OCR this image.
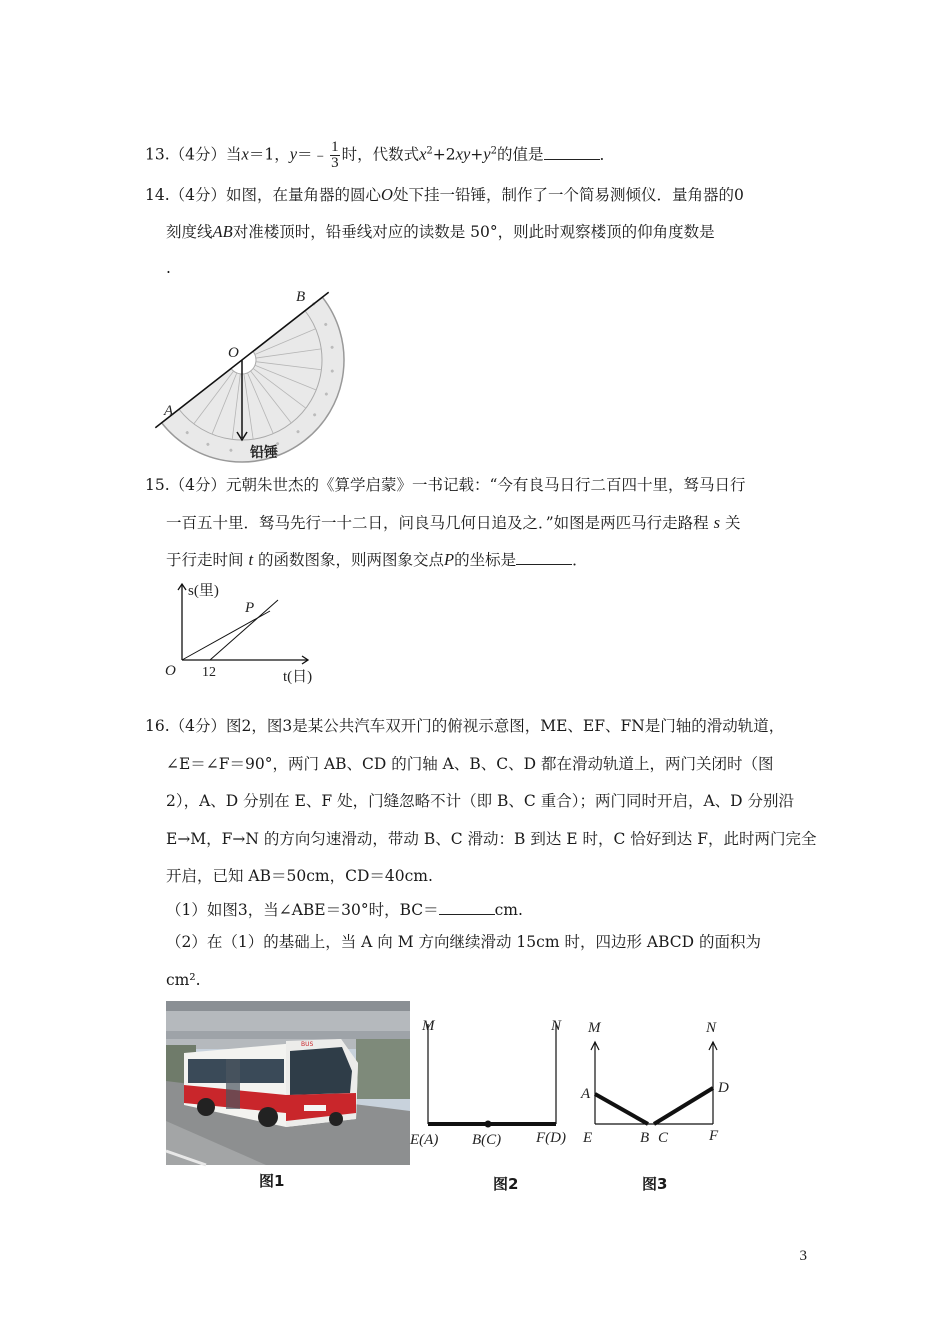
13.（4分）当x＝1，y＝﹣ $\frac{1}{3}$ 时，代数式$x^2+2xy+y^2$的值是	．
14.（4分）如图，在量角器的圆心O处下挂一铅锤，制作了一个简易测倾仪．量角器的0
刻度线AB对准楼顶时，铅垂线对应的读数是 50°，则此时观察楼顶的仰角度数是
.
B
O
A
铅锤
15.（4分）元朝朱世杰的《算学启蒙》一书记载：“今有良马日行二百四十里，驽马日行
一百五十里．驽马先行一十二日，问良马几何日追及之．”如图是两匹马行走路程 s 关
于行走时间 t 的函数图象，则两图象交点P的坐标是	．
s(里)
P
O 12	t(日)
16.（4分）图2，图3是某公共汽车双开门的俯视示意图，ME、EF、FN是门轴的滑动轨道，
∠E＝∠F＝90°，两门 AB、CD 的门轴 A、B、C、D 都在滑动轨道上，两门关闭时（图
2），A、D 分别在 E、F 处，门缝忽略不计（即 B、C 重合）；两门同时开启，A、D 分别沿
E→M，F→N 的方向匀速滑动，带动 B、C 滑动：B 到达 E 时，C 恰好到达 F，此时两门完全
开启，已知 AB＝50cm，CD＝40cm.
（1）如图3，当∠ABE＝30°时，BC＝	cm.
（2）在（1）的基础上，当 A 向 M 方向继续滑动 15cm 时，四边形 ABCD 的面积为
cm².
BUS
图1
M	N
E(A) B(C) F(D)
图2
M	N
A	D
E	B C	F
图3
3
